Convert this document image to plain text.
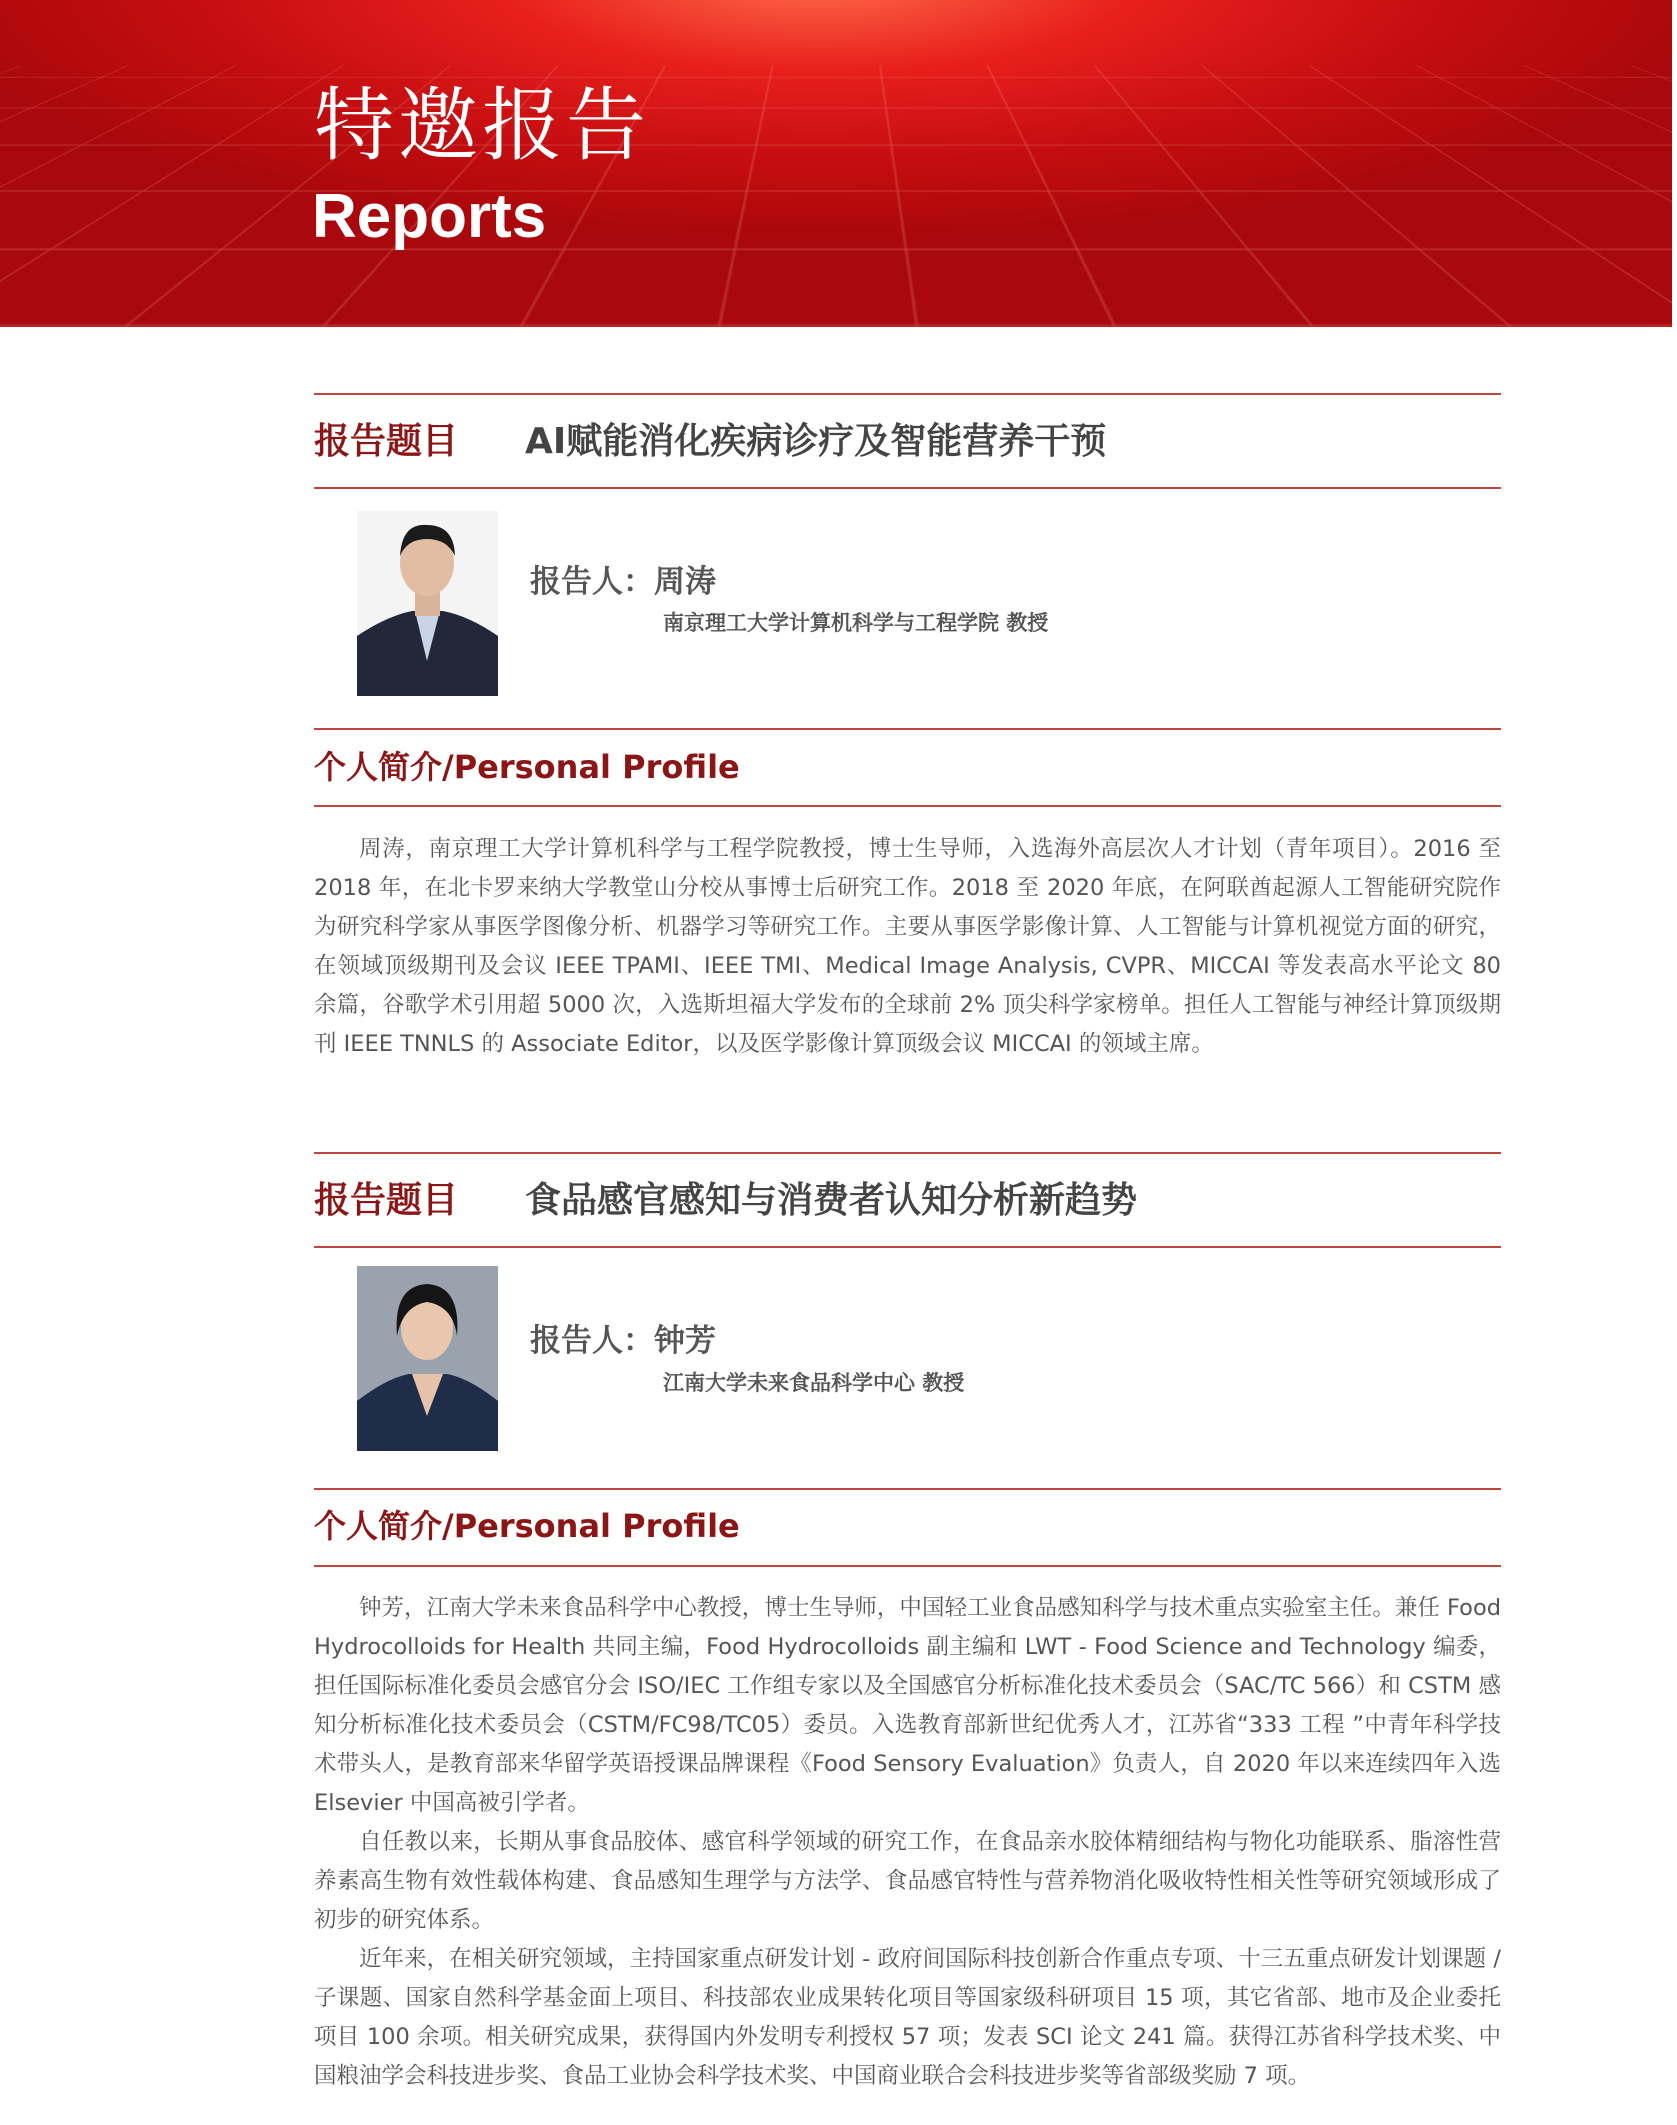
特邀报告
Reports
报告题目 AI赋能消化疾病诊疗及智能营养干预
报告人：周涛
南京理工大学计算机科学与工程学院 教授
个人简介/Personal Profile

周涛，南京理工大学计算机科学与工程学院教授，博士生导师，入选海外高层次人才计划（青年项目）。2016 至 2018 年，在北卡罗来纳大学教堂山分校从事博士后研究工作。2018 至 2020 年底，在阿联酋起源人工智能研究院作为研究科学家从事医学图像分析、机器学习等研究工作。主要从事医学影像计算、人工智能与计算机视觉方面的研究，在领域顶级期刊及会议 IEEE TPAMI、IEEE TMI、Medical Image Analysis, CVPR、MICCAI 等发表高水平论文 80 余篇，谷歌学术引用超 5000 次，入选斯坦福大学发布的全球前 2% 顶尖科学家榜单。担任人工智能与神经计算顶级期刊 IEEE TNNLS 的 Associate Editor，以及医学影像计算顶级会议 MICCAI 的领域主席。

报告题目 食品感官感知与消费者认知分析新趋势
报告人：钟芳
江南大学未来食品科学中心 教授
个人简介/Personal Profile

钟芳，江南大学未来食品科学中心教授，博士生导师，中国轻工业食品感知科学与技术重点实验室主任。兼任 Food Hydrocolloids for Health 共同主编，Food Hydrocolloids 副主编和 LWT - Food Science and Technology 编委，担任国际标准化委员会感官分会 ISO/IEC 工作组专家以及全国感官分析标准化技术委员会（SAC/TC 566）和 CSTM 感知分析标准化技术委员会（CSTM/FC98/TC05）委员。入选教育部新世纪优秀人才，江苏省“333 工程 ”中青年科学技术带头人，是教育部来华留学英语授课品牌课程《Food Sensory Evaluation》负责人，自 2020 年以来连续四年入选 Elsevier 中国高被引学者。

自任教以来，长期从事食品胶体、感官科学领域的研究工作，在食品亲水胶体精细结构与物化功能联系、脂溶性营养素高生物有效性载体构建、食品感知生理学与方法学、食品感官特性与营养物消化吸收特性相关性等研究领域形成了初步的研究体系。

近年来，在相关研究领域，主持国家重点研发计划 - 政府间国际科技创新合作重点专项、十三五重点研发计划课题 / 子课题、国家自然科学基金面上项目、科技部农业成果转化项目等国家级科研项目 15 项，其它省部、地市及企业委托项目 100 余项。相关研究成果，获得国内外发明专利授权 57 项；发表 SCI 论文 241 篇。获得江苏省科学技术奖、中国粮油学会科技进步奖、食品工业协会科学技术奖、中国商业联合会科技进步奖等省部级奖励 7 项。
